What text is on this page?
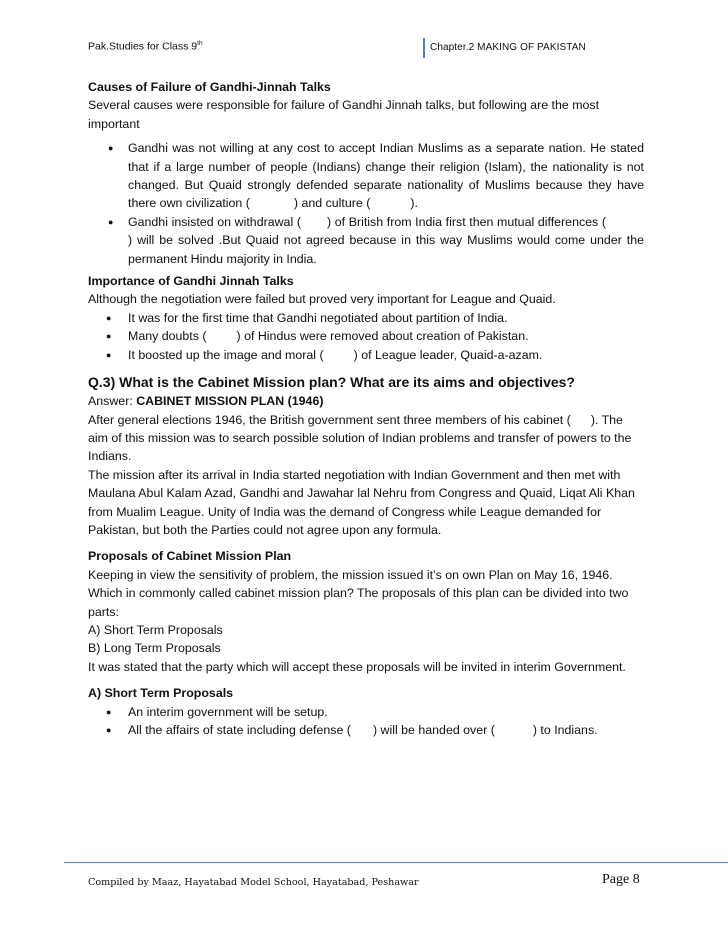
Pak.Studies for Class 9th	Chapter.2 MAKING OF PAKISTAN
Causes of Failure of Gandhi-Jinnah Talks

Several causes were responsible for failure of Gandhi Jinnah talks, but following are the most important

● Gandhi was not willing at any cost to accept Indian Muslims as a separate nation. He stated that if a large number of people (Indians) change their religion (Islam), the nationality is not changed. But Quaid strongly defended separate nationality of Muslims because they have there own civilization (	) and culture (	).
● Gandhi insisted on withdrawal ( ) of British from India first then mutual differences () will be solved .But Quaid not agreed because in this way Muslims would come under the permanent Hindu majority in India.
Importance of Gandhi Jinnah Talks

Although the negotiation were failed but proved very important for League and Quaid.

● It was for the first time that Gandhi negotiated about partition of India.
● Many doubts ( ) of Hindus were removed about creation of Pakistan.
● It boosted up the image and moral ( ) of League leader, Quaid-a-azam.
Q.3) What is the Cabinet Mission plan? What are its aims and objectives?

Answer: CABINET MISSION PLAN (1946)

After general elections 1946, the British government sent three members of his cabinet ( ). The aim of this mission was to search possible solution of Indian problems and transfer of powers to the Indians.

The mission after its arrival in India started negotiation with Indian Government and then met with Maulana Abul Kalam Azad, Gandhi and Jawahar lal Nehru from Congress and Quaid, Liqat Ali Khan from Mualim League. Unity of India was the demand of Congress while League demanded for Pakistan, but both the Parties could not agree upon any formula.

Proposals of Cabinet Mission Plan

Keeping in view the sensitivity of problem, the mission issued it’s on own Plan on May 16, 1946. Which in commonly called cabinet mission plan? The proposals of this plan can be divided into two parts:

A) Short Term Proposals

B) Long Term Proposals

It was stated that the party which will accept these proposals will be invited in interim Government.

A) Short Term Proposals
● An interim government will be setup.
● All the affairs of state including defense ( ) will be handed over (	) to Indians.
Compiled by Maaz, Hayatabad Model School, Hayatabad, Peshawar	Page 8
